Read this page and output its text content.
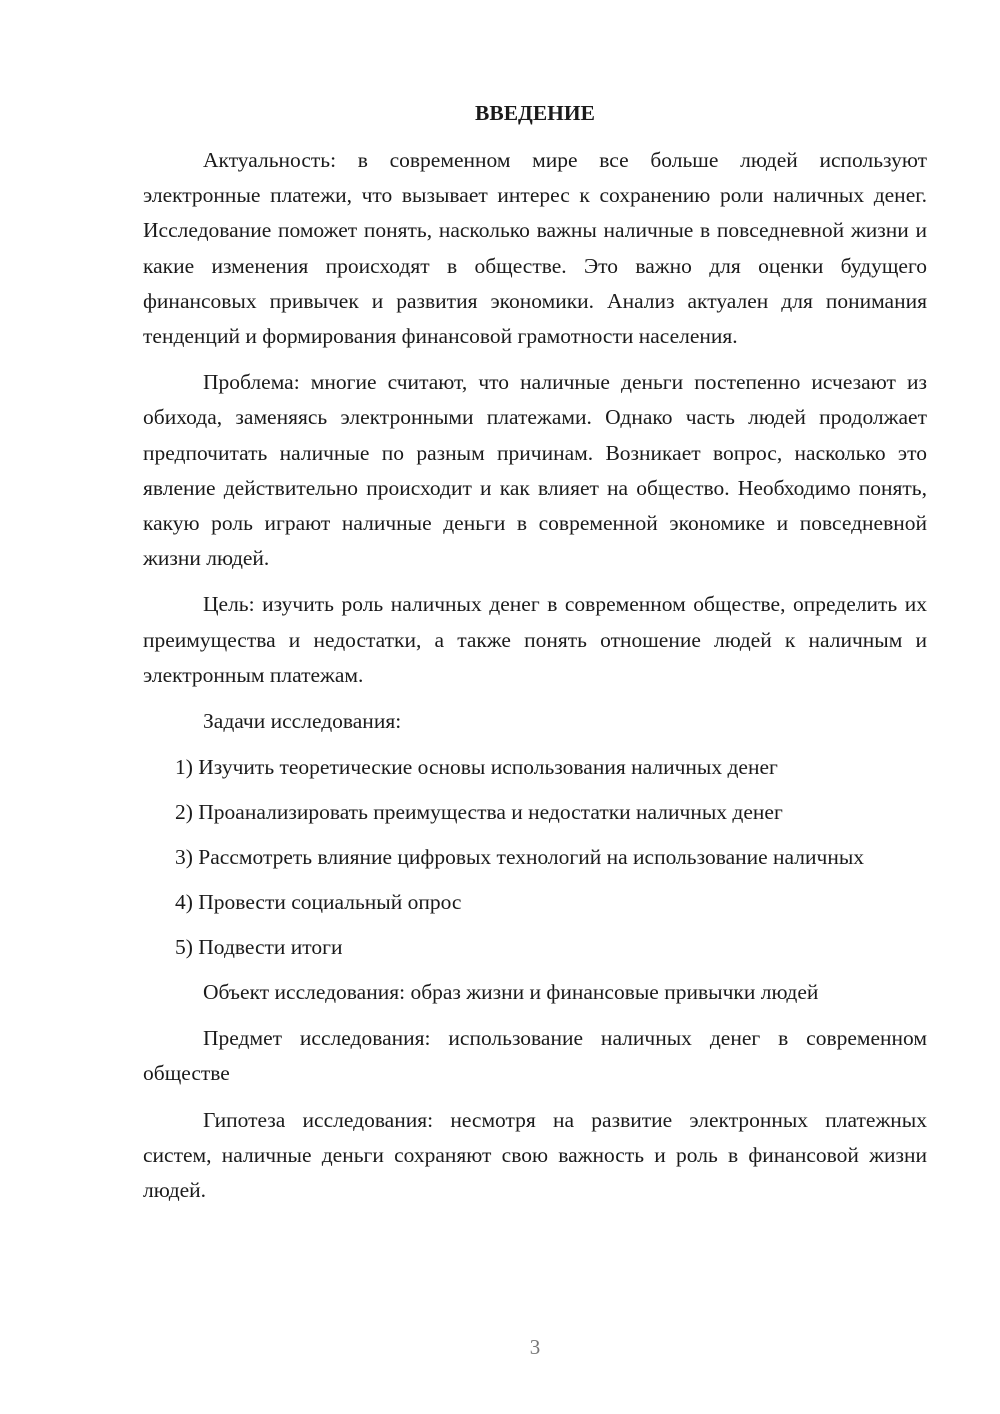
ВВЕДЕНИЕ

Актуальность: в современном мире все больше людей используют электронные платежи, что вызывает интерес к сохранению роли наличных денег. Исследование поможет понять, насколько важны наличные в повседневной жизни и какие изменения происходят в обществе. Это важно для оценки будущего финансовых привычек и развития экономики. Анализ актуален для понимания тенденций и формирования финансовой грамотности населения.

Проблема: многие считают, что наличные деньги постепенно исчезают из обихода, заменяясь электронными платежами. Однако часть людей продолжает предпочитать наличные по разным причинам. Возникает вопрос, насколько это явление действительно происходит и как влияет на общество. Необходимо понять, какую роль играют наличные деньги в современной экономике и повседневной жизни людей.

Цель: изучить роль наличных денег в современном обществе, определить их преимущества и недостатки, а также понять отношение людей к наличным и электронным платежам.

Задачи исследования:

1) Изучить теоретические основы использования наличных денег

2) Проанализировать преимущества и недостатки наличных денег

3) Рассмотреть влияние цифровых технологий на использование наличных

4) Провести социальный опрос

5) Подвести итоги

Объект исследования: образ жизни и финансовые привычки людей

Предмет исследования: использование наличных денег в современном обществе

Гипотеза исследования: несмотря на развитие электронных платежных систем, наличные деньги сохраняют свою важность и роль в финансовой жизни людей.

3
